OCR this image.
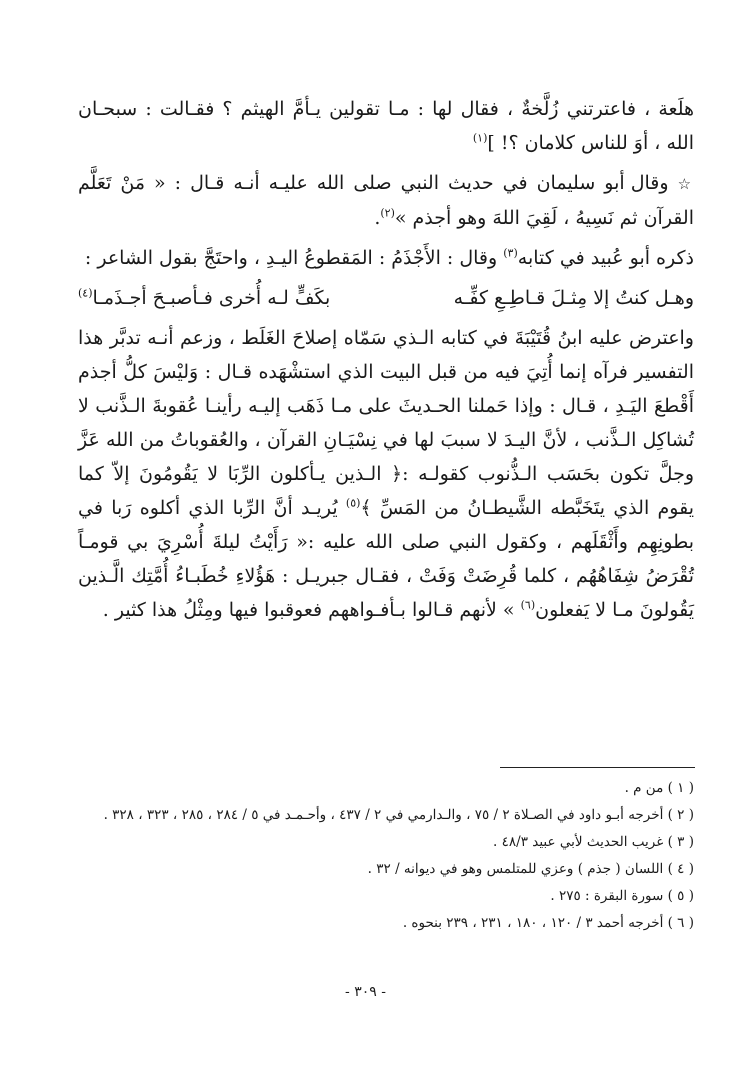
هلَعة ، فاعترتني زُلَّخةٌ ، فقال لها : مـا تقولين يـأمَّ الهيثم ؟ فقـالت : سبحـان الله ، أوَ للناس كلامان ؟! ]$^{(١)}$

☆ وقال أبو سليمان في حديث النبي صلى الله عليـه أنـه قـال : « مَنْ تَعَلَّم القرآن ثم نَسِيهُ ، لَقِيَ اللهَ وهو أجذم »$^{(٢)}$.

ذكره أبو عُبيد في كتابه$^{(٣)}$ وقال : الأَجْذَمُ : المَقطوعُ اليـدِ ، واحتَجَّ بقول الشاعر :

وهـل كنتُ إلا مِثـلَ قـاطِـعِ كفِّـه
بكَفٍّ لـه أُخرى فـأصبـحَ أجـذَمـا$^{(٤)}$

واعترض عليه ابنُ قُتَيْبَةَ في كتابه الـذي سَمّاه إصلاحَ الغَلَط ، وزعم أنـه تدبَّر هذا التفسير فرآه إنما أُتِيَ فيه من قبل البيت الذي استشْهَده قـال : وَليْسَ كلُّ أجذم أَقْطعَ اليَـدِ ، قـال : وإذا حَملنا الحـديثَ على مـا ذَهَب إليـه رأينـا عُقوبةَ الـذَّنب لا تُشاكِل الـذَّنب ، لأنَّ اليـدَ لا سببَ لها في نِسْيَـانِ القرآن ، والعُقوباتُ من الله عَزَّ وجلَّ تكون بحَسَب الـذُّنوب كقولـه :﴿ الـذين يـأكلون الرِّبَا لا يَقُومُونَ إلاّ كما يقوم الذي يتَخَبَّطه الشَّيطـانُ من المَسِّ ﴾$^{(٥)}$ يُريـد أنَّ الرِّبا الذي أكلوه رَبا في بطونِهِم وأَثْقَلَهم ، وكقول النبي صلى الله عليه :« رَأَيْتُ ليلةَ أُسْرِيَ بي قومـاً تُقْرَضُ شِفَاهُهُم ، كلما قُرِضَتْ وَفَتْ ، فقـال جبريـل : هَؤُلاءِ خُطَبـاءُ أُمَّتِك الَّـذين يَقُولونَ مـا لا يَفعلون$^{(٦)}$ » لأنهم قـالوا بـأفـواههم فعوقبوا فيها ومِثْلُ هذا كثير .

( ١ ) من م .

( ٢ ) أخرجه أبـو داود في الصـلاة ٢ / ٧٥ ، والـدارمي في ٢ / ٤٣٧ ، وأحـمـد في ٥ / ٢٨٤ ، ٢٨٥ ، ٣٢٣ ، ٣٢٨ .

( ٣ ) غريب الحديث لأبي عبيد ٤٨/٣ .

( ٤ ) اللسان ( جذم ) وعزي للمتلمس وهو في ديوانه / ٣٢ .

( ٥ ) سورة البقرة : ٢٧٥ .

( ٦ ) أخرجه أحمد ٣ / ١٢٠ ، ١٨٠ ، ٢٣١ ، ٢٣٩ بنحوه .

- ٣٠٩ -
